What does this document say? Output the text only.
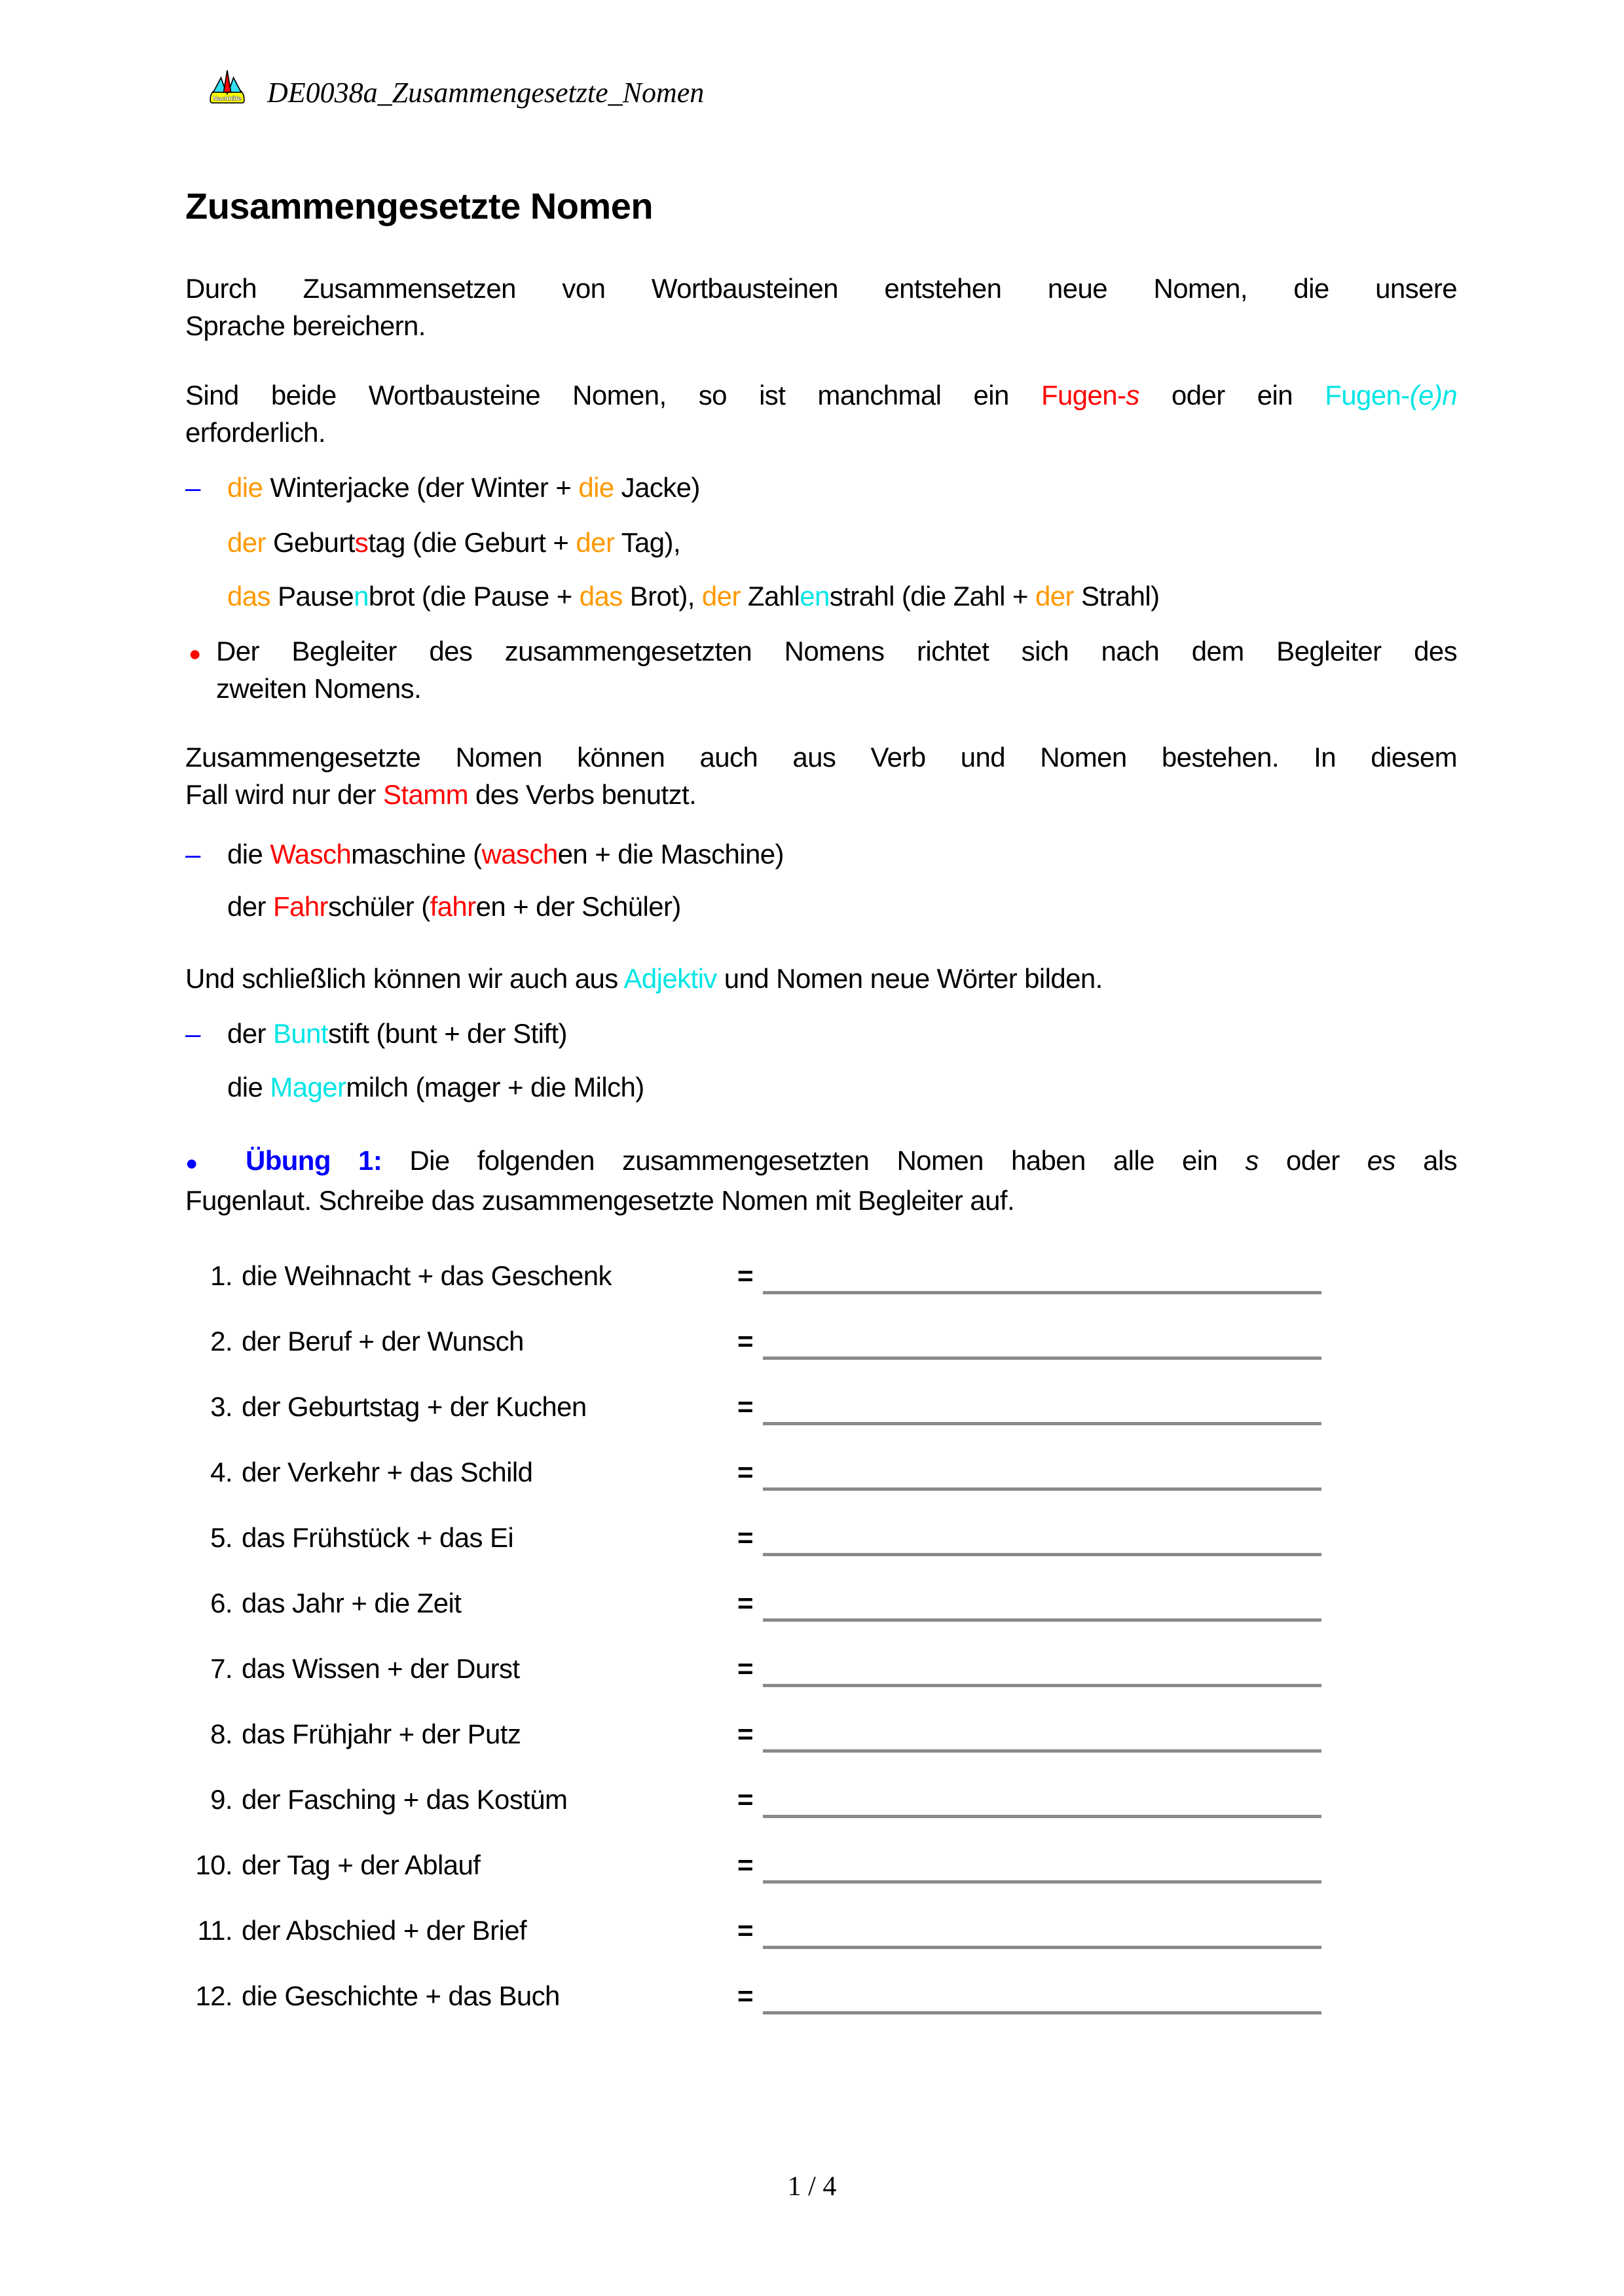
Nachhilfe DE0038a_Zusammengesetzte_Nomen
Zusammengesetzte Nomen
Durch Zusammensetzen von Wortbausteinen entstehen neue Nomen, die unsere
Sprache bereichern.
Sind beide Wortbausteine Nomen, so ist manchmal ein Fugen-s oder ein Fugen-(e)n
erforderlich.
– die Winterjacke (der Winter + die Jacke)
der Geburtstag (die Geburt + der Tag),
das Pausenbrot (die Pause + das Brot), der Zahlenstrahl (die Zahl + der Strahl)
● Der Begleiter des zusammengesetzten Nomens richtet sich nach dem Begleiter des
zweiten Nomens.
Zusammengesetzte Nomen können auch aus Verb und Nomen bestehen. In diesem
Fall wird nur der Stamm des Verbs benutzt.
– die Waschmaschine (waschen + die Maschine)
der Fahrschüler (fahren + der Schüler)
Und schließlich können wir auch aus Adjektiv und Nomen neue Wörter bilden.
– der Buntstift (bunt + der Stift)
die Magermilch (mager + die Milch)
● Übung 1: Die folgenden zusammengesetzten Nomen haben alle ein s oder es als
Fugenlaut. Schreibe das zusammengesetzte Nomen mit Begleiter auf.
1. die Weihnacht + das Geschenk	=
2. der Beruf + der Wunsch	=
3. der Geburtstag + der Kuchen	=
4. der Verkehr + das Schild	=
5. das Frühstück + das Ei	=
6. das Jahr + die Zeit	=
7. das Wissen + der Durst	=
8. das Frühjahr + der Putz	=
9. der Fasching + das Kostüm	=
10. der Tag + der Ablauf	=
11. der Abschied + der Brief	=
12. die Geschichte + das Buch	=
1 / 4
